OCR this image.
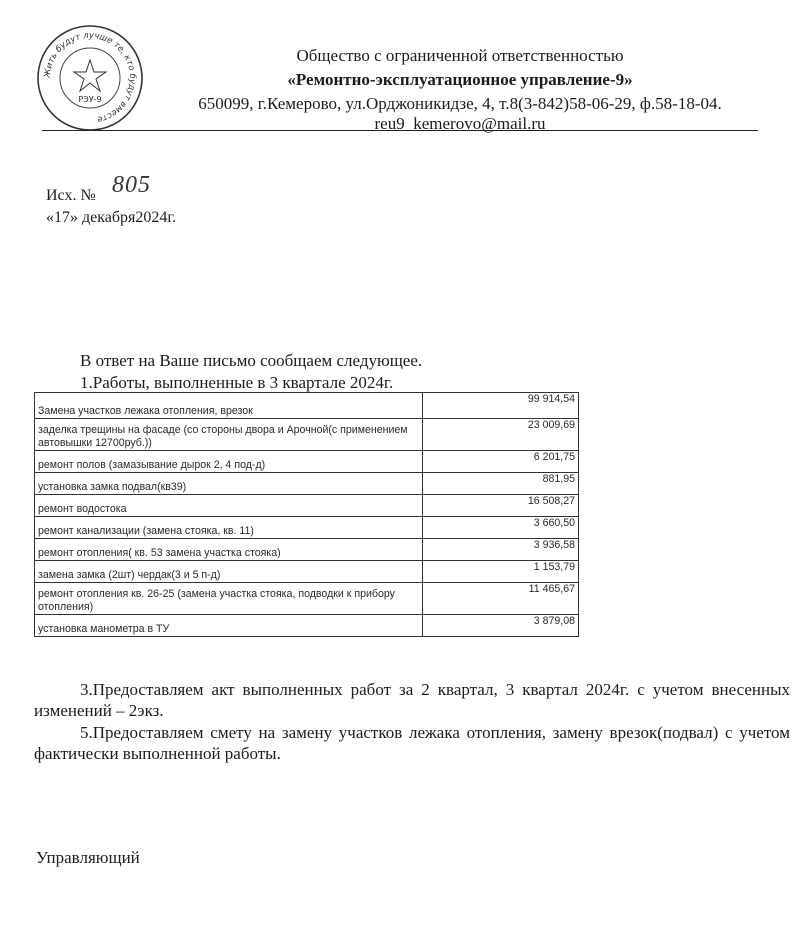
Жить будут лучше те, кто будут вместе
РЭУ-9
Общество с ограниченной ответственностью
«Ремонтно-эксплуатационное управление-9»
650099, г.Кемерово, ул.Орджоникидзе, 4, т.8(3-842)58-06-29, ф.58-18-04.
reu9_kemerovo@mail.ru
Исх. № 805
«17» декабря2024г.
В ответ на Ваше письмо сообщаем следующее.
1.Работы, выполненные в 3 квартале 2024г.
Замена участков лежака отопления, врезок	99 914,54
заделка трещины на фасаде (со стороны двора и Арочной(с применением автовышки 12700руб.))	23 009,69
ремонт полов (замазывание дырок 2, 4 под-д)	6 201,75
установка замка подвал(кв39)	881,95
ремонт водостока	16 508,27
ремонт канализации (замена стояка, кв. 11)	3 660,50
ремонт отопления( кв. 53 замена участка стояка)	3 936,58
замена замка (2шт) чердак(3 и 5 п-д)	1 153,79
ремонт отопления кв. 26-25 (замена участка стояка, подводки к прибору отопления)	11 465,67
установка манометра в ТУ	3 879,08
3.Предоставляем акт выполненных работ за 2 квартал, 3 квартал 2024г. с учетом внесенных изменений – 2экз.
5.Предоставляем смету на замену участков лежака отопления, замену врезок(подвал) с учетом фактически выполненной работы.
Управляющий
